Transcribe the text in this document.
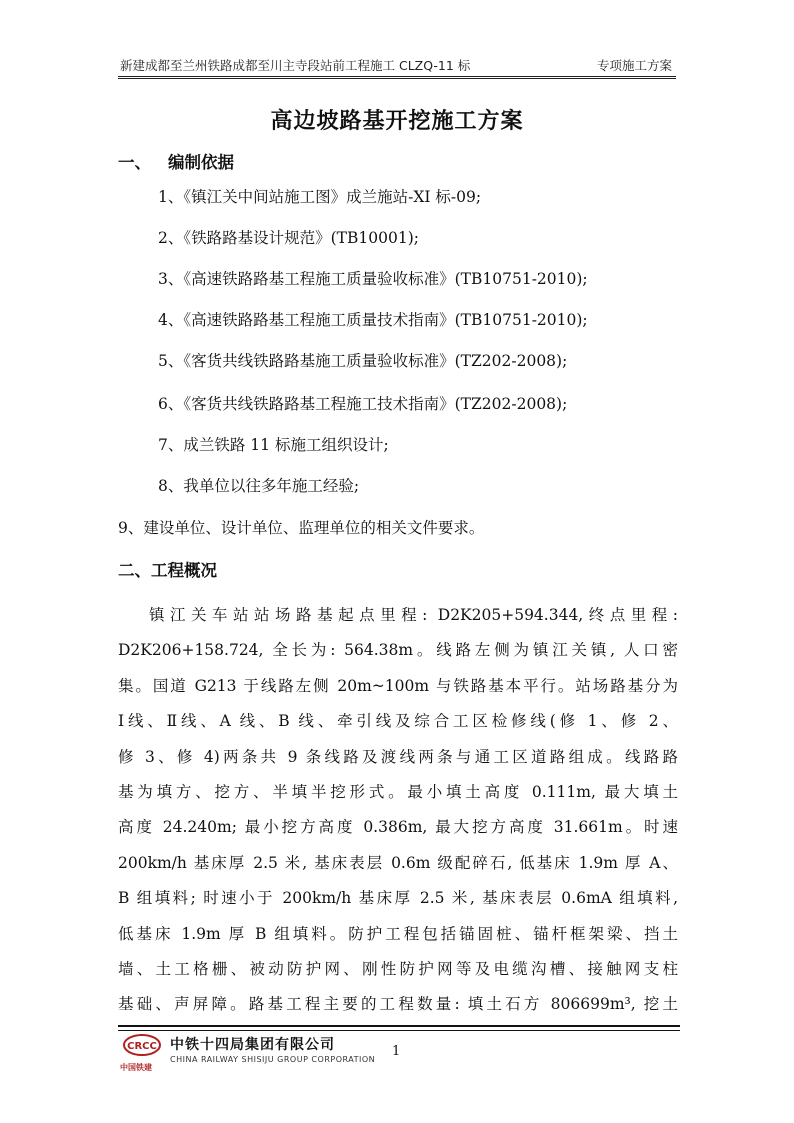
新建成都至兰州铁路成都至川主寺段站前工程施工 CLZQ-11 标	专项施工方案
高边坡路基开挖施工方案
一、 编制依据
1、《镇江关中间站施工图》成兰施站-XI 标-09;
2、《铁路路基设计规范》(TB10001);
3、《高速铁路路基工程施工质量验收标准》(TB10751-2010);
4、《高速铁路路基工程施工质量技术指南》(TB10751-2010);
5、《客货共线铁路路基施工质量验收标准》(TZ202-2008);
6、《客货共线铁路路基工程施工技术指南》(TZ202-2008);
7、成兰铁路 11 标施工组织设计;
8、我单位以往多年施工经验;
9、建设单位、设计单位、监理单位的相关文件要求。
二、工程概况
镇江关车站站场路基起点里程: D2K205+594.344,终点里程:
D2K206+158.724, 全长为: 564.38m。线路左侧为镇江关镇, 人口密
集。国道 G213 于线路左侧 20m~100m 与铁路基本平行。站场路基分为
Ⅰ线、Ⅱ线、A 线、B 线、牵引线及综合工区检修线(修 1、修 2、
修 3、修 4)两条共 9 条线路及渡线两条与通工区道路组成。线路路
基为填方、挖方、半填半挖形式。最小填土高度 0.111m, 最大填土
高度 24.240m; 最小挖方高度 0.386m, 最大挖方高度 31.661m。时速
200km/h 基床厚 2.5 米, 基床表层 0.6m 级配碎石, 低基床 1.9m 厚 A、
B 组填料; 时速小于 200km/h 基床厚 2.5 米, 基床表层 0.6mA 组填料,
低基床 1.9m 厚 B 组填料。防护工程包括锚固桩、锚杆框架梁、挡土
墙、土工格栅、被动防护网、刚性防护网等及电缆沟槽、接触网支柱
基础、声屏障。路基工程主要的工程数量: 填土石方 806699m³, 挖土
CRCC
中国铁建
中铁十四局集团有限公司
CHINA RAILWAY SHISIJU GROUP CORPORATION
1
